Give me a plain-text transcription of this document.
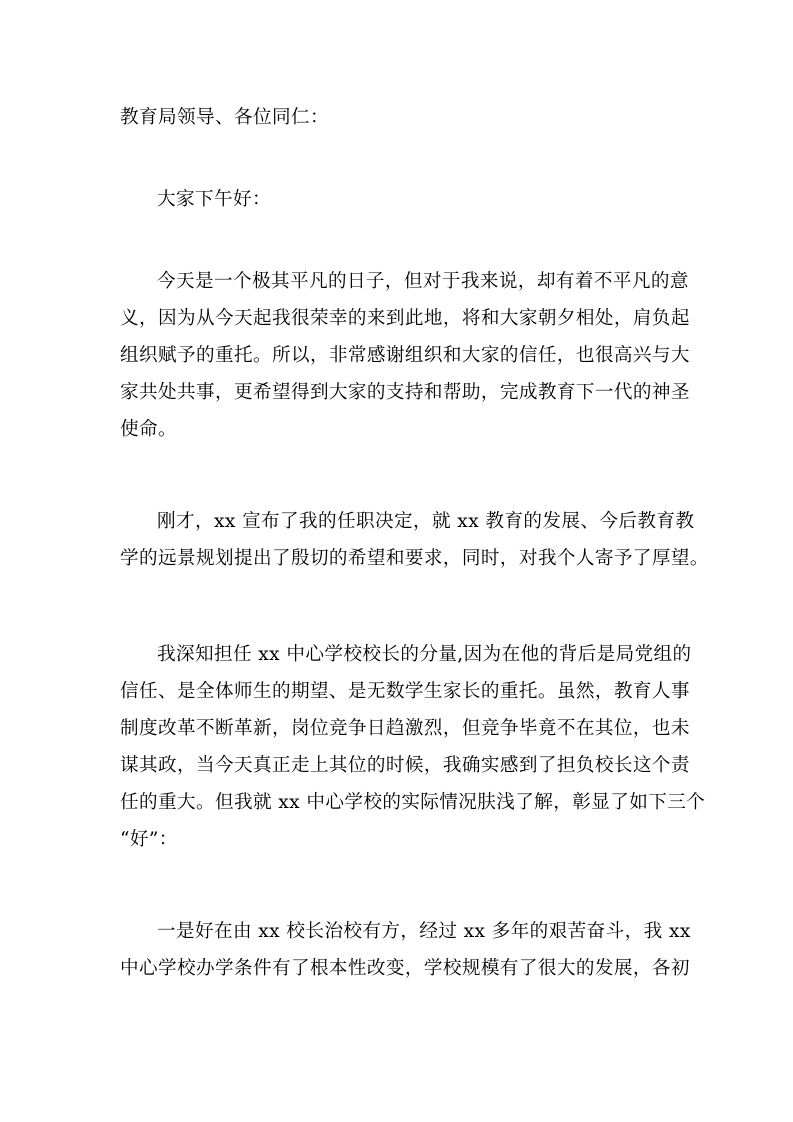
教育局领导、各位同仁：
大家下午好：
今天是一个极其平凡的日子，但对于我来说，却有着不平凡的意
义，因为从今天起我很荣幸的来到此地，将和大家朝夕相处，肩负起
组织赋予的重托。所以，非常感谢组织和大家的信任，也很高兴与大
家共处共事，更希望得到大家的支持和帮助，完成教育下一代的神圣
使命。
刚才，xx 宣布了我的任职决定，就 xx 教育的发展、今后教育教
学的远景规划提出了殷切的希望和要求，同时，对我个人寄予了厚望。
我深知担任 xx 中心学校校长的分量,因为在他的背后是局党组的
信任、是全体师生的期望、是无数学生家长的重托。虽然，教育人事
制度改革不断革新，岗位竞争日趋激烈，但竞争毕竟不在其位，也未
谋其政，当今天真正走上其位的时候，我确实感到了担负校长这个责
任的重大。但我就 xx 中心学校的实际情况肤浅了解，彰显了如下三个
“好”：
一是好在由 xx 校长治校有方，经过 xx 多年的艰苦奋斗，我 xx
中心学校办学条件有了根本性改变，学校规模有了很大的发展，各初
